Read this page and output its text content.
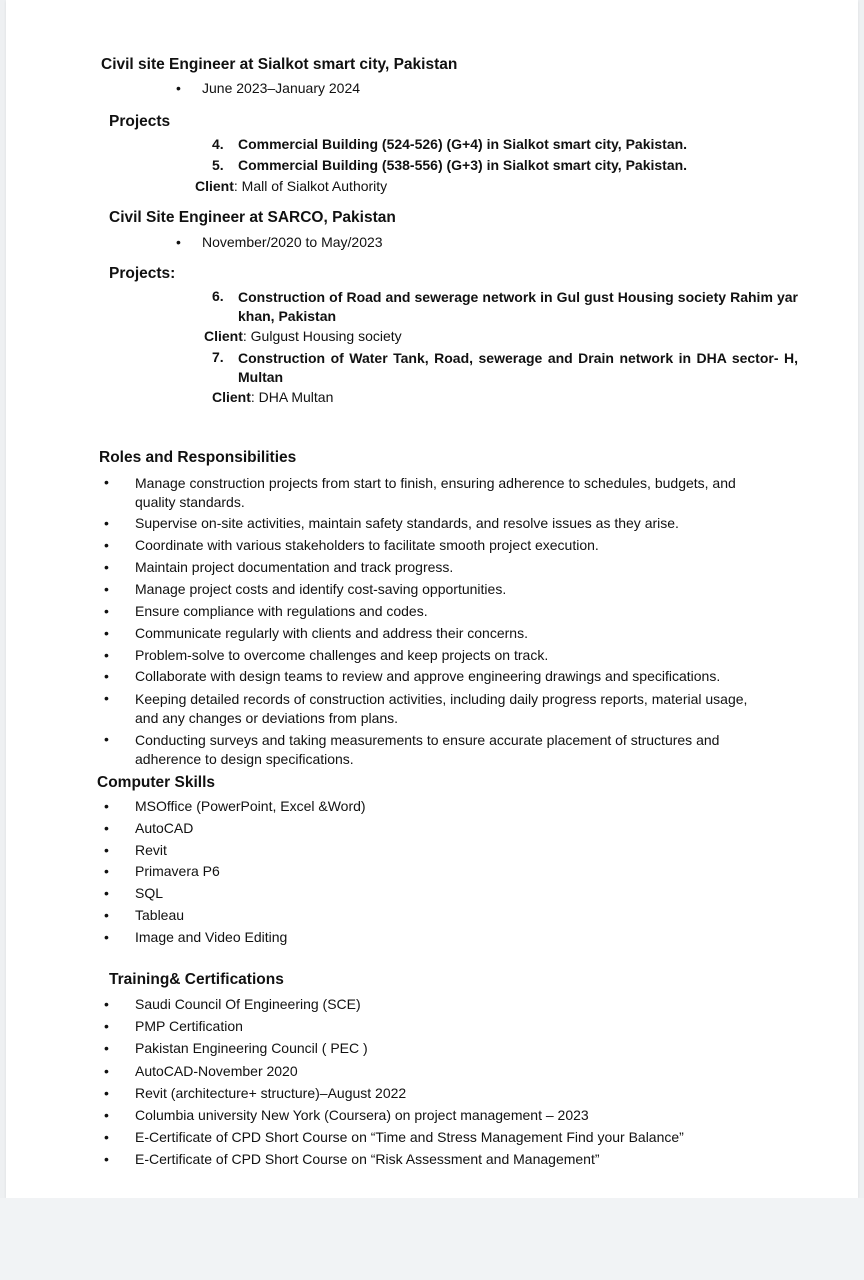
Civil site Engineer at Sialkot smart city, Pakistan
• June 2023–January 2024
Projects
4. Commercial Building (524-526) (G+4) in Sialkot smart city, Pakistan.
5. Commercial Building (538-556) (G+3) in Sialkot smart city, Pakistan.
Client: Mall of Sialkot Authority
Civil Site Engineer at SARCO, Pakistan
• November/2020 to May/2023
Projects:
6. Construction of Road and sewerage network in Gul gust Housing society Rahim yar khan, Pakistan
Client: Gulgust Housing society
7. Construction of Water Tank, Road, sewerage and Drain network in DHA sector- H, Multan
Client: DHA Multan
Roles and Responsibilities
• Manage construction projects from start to finish, ensuring adherence to schedules, budgets, and quality standards.
• Supervise on-site activities, maintain safety standards, and resolve issues as they arise.
• Coordinate with various stakeholders to facilitate smooth project execution.
• Maintain project documentation and track progress.
• Manage project costs and identify cost-saving opportunities.
• Ensure compliance with regulations and codes.
• Communicate regularly with clients and address their concerns.
• Problem-solve to overcome challenges and keep projects on track.
• Collaborate with design teams to review and approve engineering drawings and specifications.
• Keeping detailed records of construction activities, including daily progress reports, material usage, and any changes or deviations from plans.
• Conducting surveys and taking measurements to ensure accurate placement of structures and adherence to design specifications.
Computer Skills
• MSOffice (PowerPoint, Excel &Word)
• AutoCAD
• Revit
• Primavera P6
• SQL
• Tableau
• Image and Video Editing
Training& Certifications
• Saudi Council Of Engineering (SCE)
• PMP Certification
• Pakistan Engineering Council ( PEC )
• AutoCAD-November 2020
• Revit (architecture+ structure)–August 2022
• Columbia university New York (Coursera) on project management – 2023
• E-Certificate of CPD Short Course on “Time and Stress Management Find your Balance”
• E-Certificate of CPD Short Course on “Risk Assessment and Management”
